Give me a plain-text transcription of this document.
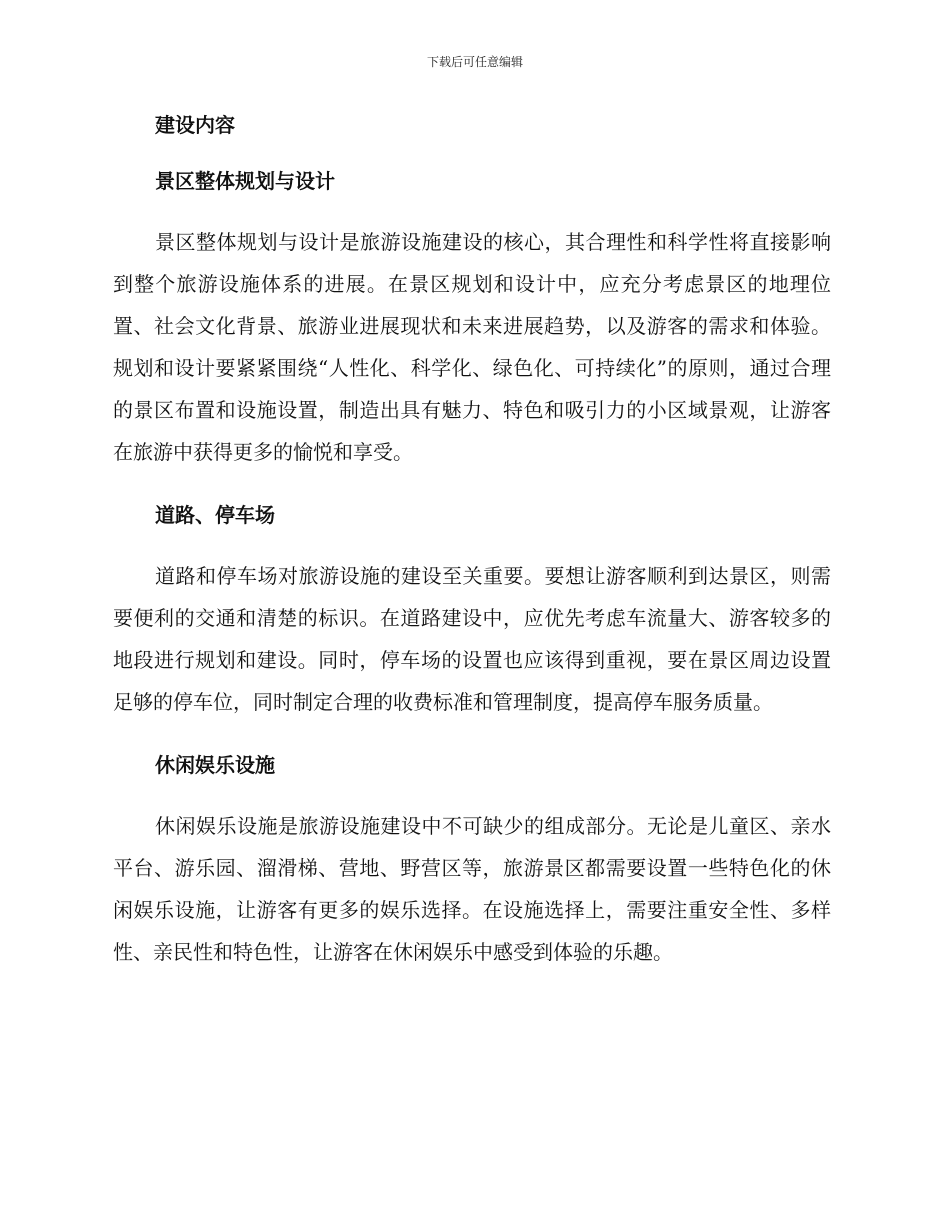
下载后可任意编辑
建设内容
景区整体规划与设计

景区整体规划与设计是旅游设施建设的核心，其合理性和科学性将直接影响到整个旅游设施体系的进展。在景区规划和设计中，应充分考虑景区的地理位置、社会文化背景、旅游业进展现状和未来进展趋势，以及游客的需求和体验。规划和设计要紧紧围绕“人性化、科学化、绿色化、可持续化”的原则，通过合理的景区布置和设施设置，制造出具有魅力、特色和吸引力的小区域景观，让游客在旅游中获得更多的愉悦和享受。

道路、停车场

道路和停车场对旅游设施的建设至关重要。要想让游客顺利到达景区，则需要便利的交通和清楚的标识。在道路建设中，应优先考虑车流量大、游客较多的地段进行规划和建设。同时，停车场的设置也应该得到重视，要在景区周边设置足够的停车位，同时制定合理的收费标准和管理制度，提高停车服务质量。

休闲娱乐设施

休闲娱乐设施是旅游设施建设中不可缺少的组成部分。无论是儿童区、亲水平台、游乐园、溜滑梯、营地、野营区等，旅游景区都需要设置一些特色化的休闲娱乐设施，让游客有更多的娱乐选择。在设施选择上，需要注重安全性、多样性、亲民性和特色性，让游客在休闲娱乐中感受到体验的乐趣。
